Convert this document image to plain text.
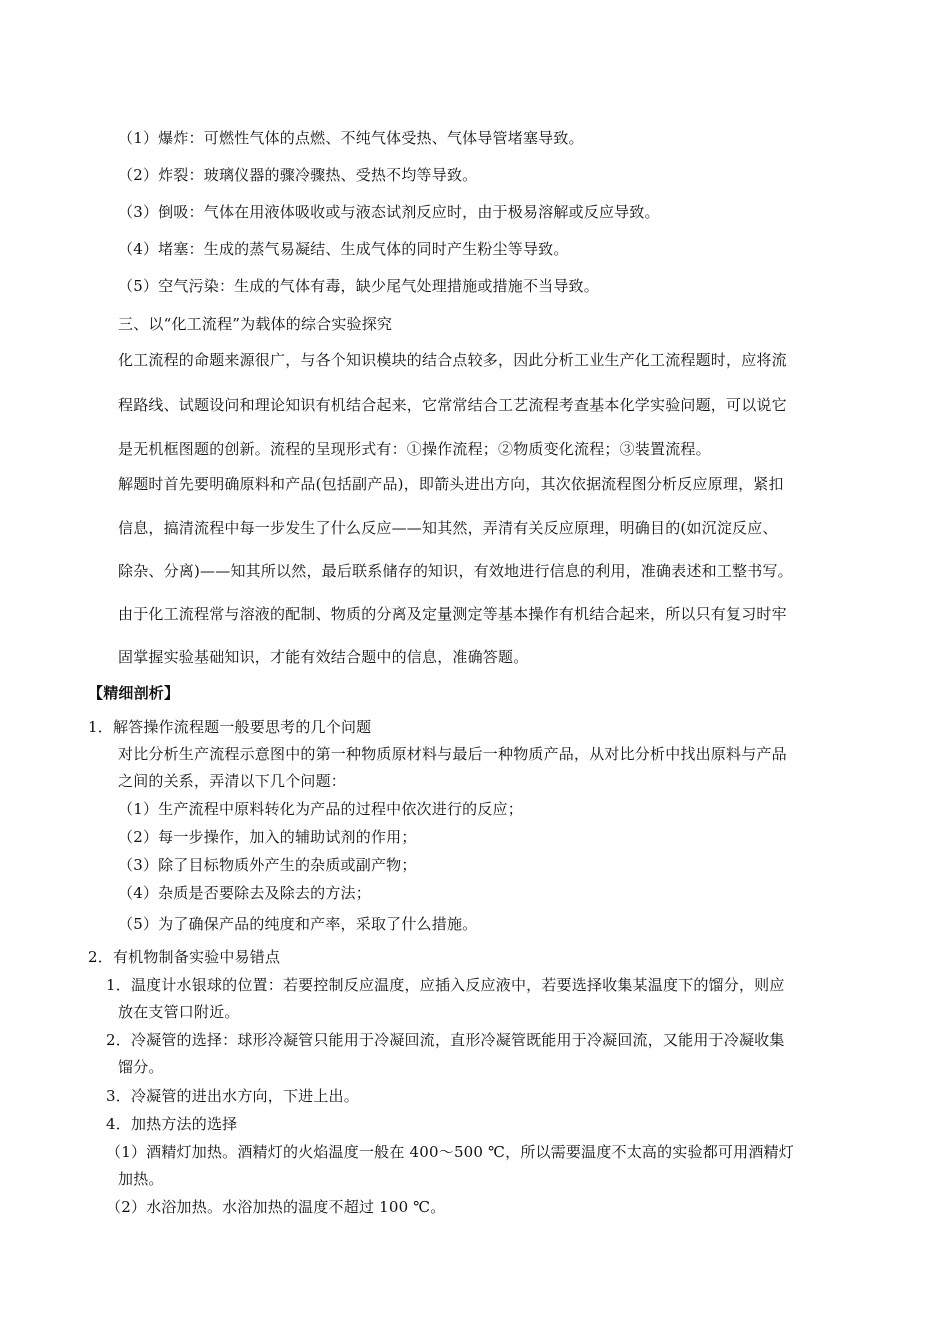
（1）爆炸：可燃性气体的点燃、不纯气体受热、气体导管堵塞导致。
（2）炸裂：玻璃仪器的骤冷骤热、受热不均等导致。
（3）倒吸：气体在用液体吸收或与液态试剂反应时，由于极易溶解或反应导致。
（4）堵塞：生成的蒸气易凝结、生成气体的同时产生粉尘等导致。
（5）空气污染：生成的气体有毒，缺少尾气处理措施或措施不当导致。
三、以“化工流程”为载体的综合实验探究
化工流程的命题来源很广，与各个知识模块的结合点较多，因此分析工业生产化工流程题时，应将流
程路线、试题设问和理论知识有机结合起来，它常常结合工艺流程考查基本化学实验问题，可以说它
是无机框图题的创新。流程的呈现形式有：①操作流程；②物质变化流程；③装置流程。
解题时首先要明确原料和产品(包括副产品)，即箭头进出方向，其次依据流程图分析反应原理，紧扣
信息，搞清流程中每一步发生了什么反应——知其然，弄清有关反应原理，明确目的(如沉淀反应、
除杂、分离)——知其所以然，最后联系储存的知识，有效地进行信息的利用，准确表述和工整书写。
由于化工流程常与溶液的配制、物质的分离及定量测定等基本操作有机结合起来，所以只有复习时牢
固掌握实验基础知识，才能有效结合题中的信息，准确答题。
【精细剖析】
1．解答操作流程题一般要思考的几个问题
对比分析生产流程示意图中的第一种物质原材料与最后一种物质产品，从对比分析中找出原料与产品
之间的关系，弄清以下几个问题：
（1）生产流程中原料转化为产品的过程中依次进行的反应；
（2）每一步操作，加入的辅助试剂的作用；
（3）除了目标物质外产生的杂质或副产物；
（4）杂质是否要除去及除去的方法；
（5）为了确保产品的纯度和产率，采取了什么措施。
2．有机物制备实验中易错点
1．温度计水银球的位置：若要控制反应温度，应插入反应液中，若要选择收集某温度下的馏分，则应
放在支管口附近。
2．冷凝管的选择：球形冷凝管只能用于冷凝回流，直形冷凝管既能用于冷凝回流，又能用于冷凝收集
馏分。
3．冷凝管的进出水方向，下进上出。
4．加热方法的选择
（1）酒精灯加热。酒精灯的火焰温度一般在 400～500 ℃，所以需要温度不太高的实验都可用酒精灯
加热。
（2）水浴加热。水浴加热的温度不超过 100 ℃。
